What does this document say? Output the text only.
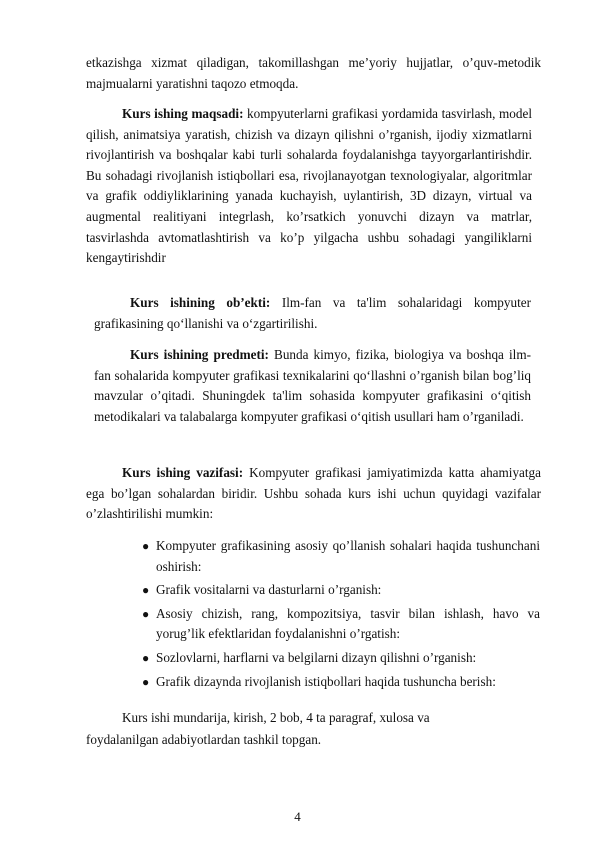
etkazishga xizmat qiladigan, takomillashgan me’yoriy hujjatlar, o’quv-metodik majmualarni yaratishni taqozo etmoqda.

Kurs ishing maqsadi: kompyuterlarni grafikasi yordamida tasvirlash, model qilish, animatsiya yaratish, chizish va dizayn qilishni o’rganish, ijodiy xizmatlarni rivojlantirish va boshqalar kabi turli sohalarda foydalanishga tayyorgarlantirishdir. Bu sohadagi rivojlanish istiqbollari esa, rivojlanayotgan texnologiyalar, algoritmlar va grafik oddiyliklarining yanada kuchayish, uylantirish, 3D dizayn, virtual va augmental realitiyani integrlash, ko’rsatkich yonuvchi dizayn va matrlar, tasvirlashda avtomatlashtirish va ko’p yilgacha ushbu sohadagi yangiliklarni kengaytirishdir

Kurs ishining ob’ekti: Ilm-fan va ta'lim sohalaridagi kompyuter grafikasining qo‘llanishi va o‘zgartirilishi.

Kurs ishining predmeti: Bunda kimyo, fizika, biologiya va boshqa ilm-fan sohalarida kompyuter grafikasi texnikalarini qo‘llashni o’rganish bilan bog’liq mavzular o’qitadi. Shuningdek ta'lim sohasida kompyuter grafikasini o‘qitish metodikalari va talabalarga kompyuter grafikasi o‘qitish usullari ham o’rganiladi.

Kurs ishing vazifasi: Kompyuter grafikasi jamiyatimizda katta ahamiyatga ega bo’lgan sohalardan biridir. Ushbu sohada kurs ishi uchun quyidagi vazifalar o’zlashtirilishi mumkin:

● Kompyuter grafikasining asosiy qo’llanish sohalari haqida tushunchani oshirish:
● Grafik vositalarni va dasturlarni o’rganish:
● Asosiy chizish, rang, kompozitsiya, tasvir bilan ishlash, havo va yorug’lik efektlaridan foydalanishni o’rgatish:
● Sozlovlarni, harflarni va belgilarni dizayn qilishni o’rganish:
● Grafik dizaynda rivojlanish istiqbollari haqida tushuncha berish:

Kurs ishi mundarija, kirish, 2 bob, 4 ta paragraf, xulosa va

foydalanilgan adabiyotlardan tashkil topgan.

4
